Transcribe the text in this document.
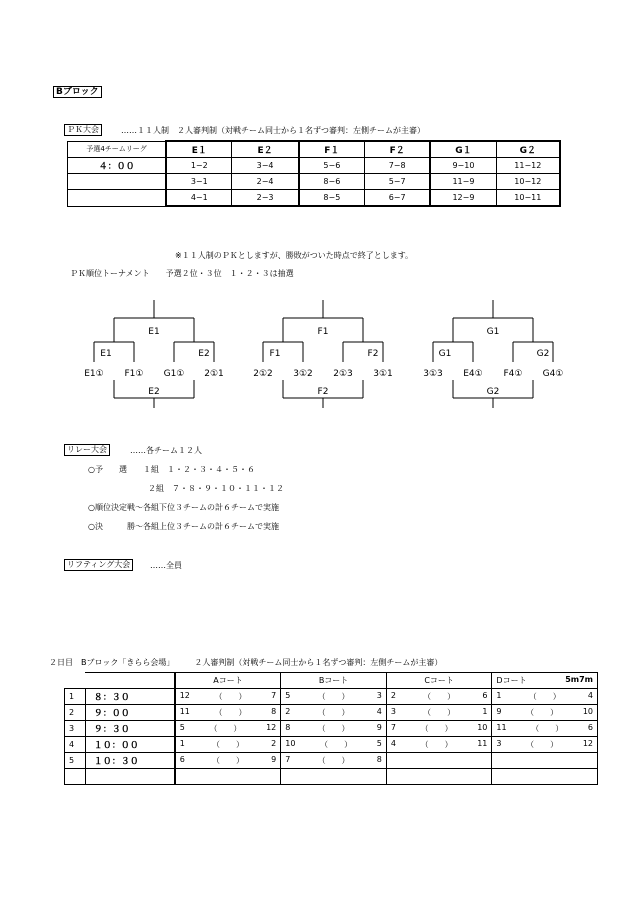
Bブロック
ＰＫ大会	……１１人制　２人審判制（対戦チーム同士から１名ずつ審判：左側チームが主審）
予選4チームリーグ	E１	E２	F１	F２	G１	G２
４：００	1−2	3−4	5−6	7−8	9−10	11−12
	3−1	2−4	8−6	5−7	11−9	10−12
	4−1	2−3	8−5	6−7	12−9	10−11
※１１人制のＰＫとしますが、勝敗がついた時点で終了とします。
ＰＫ順位トーナメント　　予選２位・３位　１・２・３は抽選
E1
E1	E2
E1① F1① G1① 2①1
E2
F1
F1	F2
2①2 3①2 2①3 3①1
F2
G1
G1	G2
3①3 E4① F4① G4①
G2
リレー大会	……各チーム１２人
○予　　選　　１組　１・２・３・４・５・６
２組　７・８・９・１０・１１・１２
○順位決定戦～各組下位３チームの計６チームで実施
○決　　　勝～各組上位３チームの計６チームで実施
リフティング大会	……全員
２日目　Bブロック「きらら会場」　　　２人審判制（対戦チーム同士から１名ずつ審判：左側チームが主審）
		Aコート	Bコート	Cコート	Dコート 5m7m

1	８：３０	12 （　　） 7	5 （　　） 3	2 （　　） 6	1 （　　） 4

2	９：００	11 （　　） 8	2 （　　） 4	3 （　　） 1	9 （　　） 10

3	９：３０	5 （　　） 12	8 （　　） 9	7 （　　） 10	11 （　　） 6

4	１０：００	1 （　　） 2	10 （　　） 5	4 （　　） 11	3 （　　） 12

5	１０：３０	6 （　　） 9	7 （　　） 8		
